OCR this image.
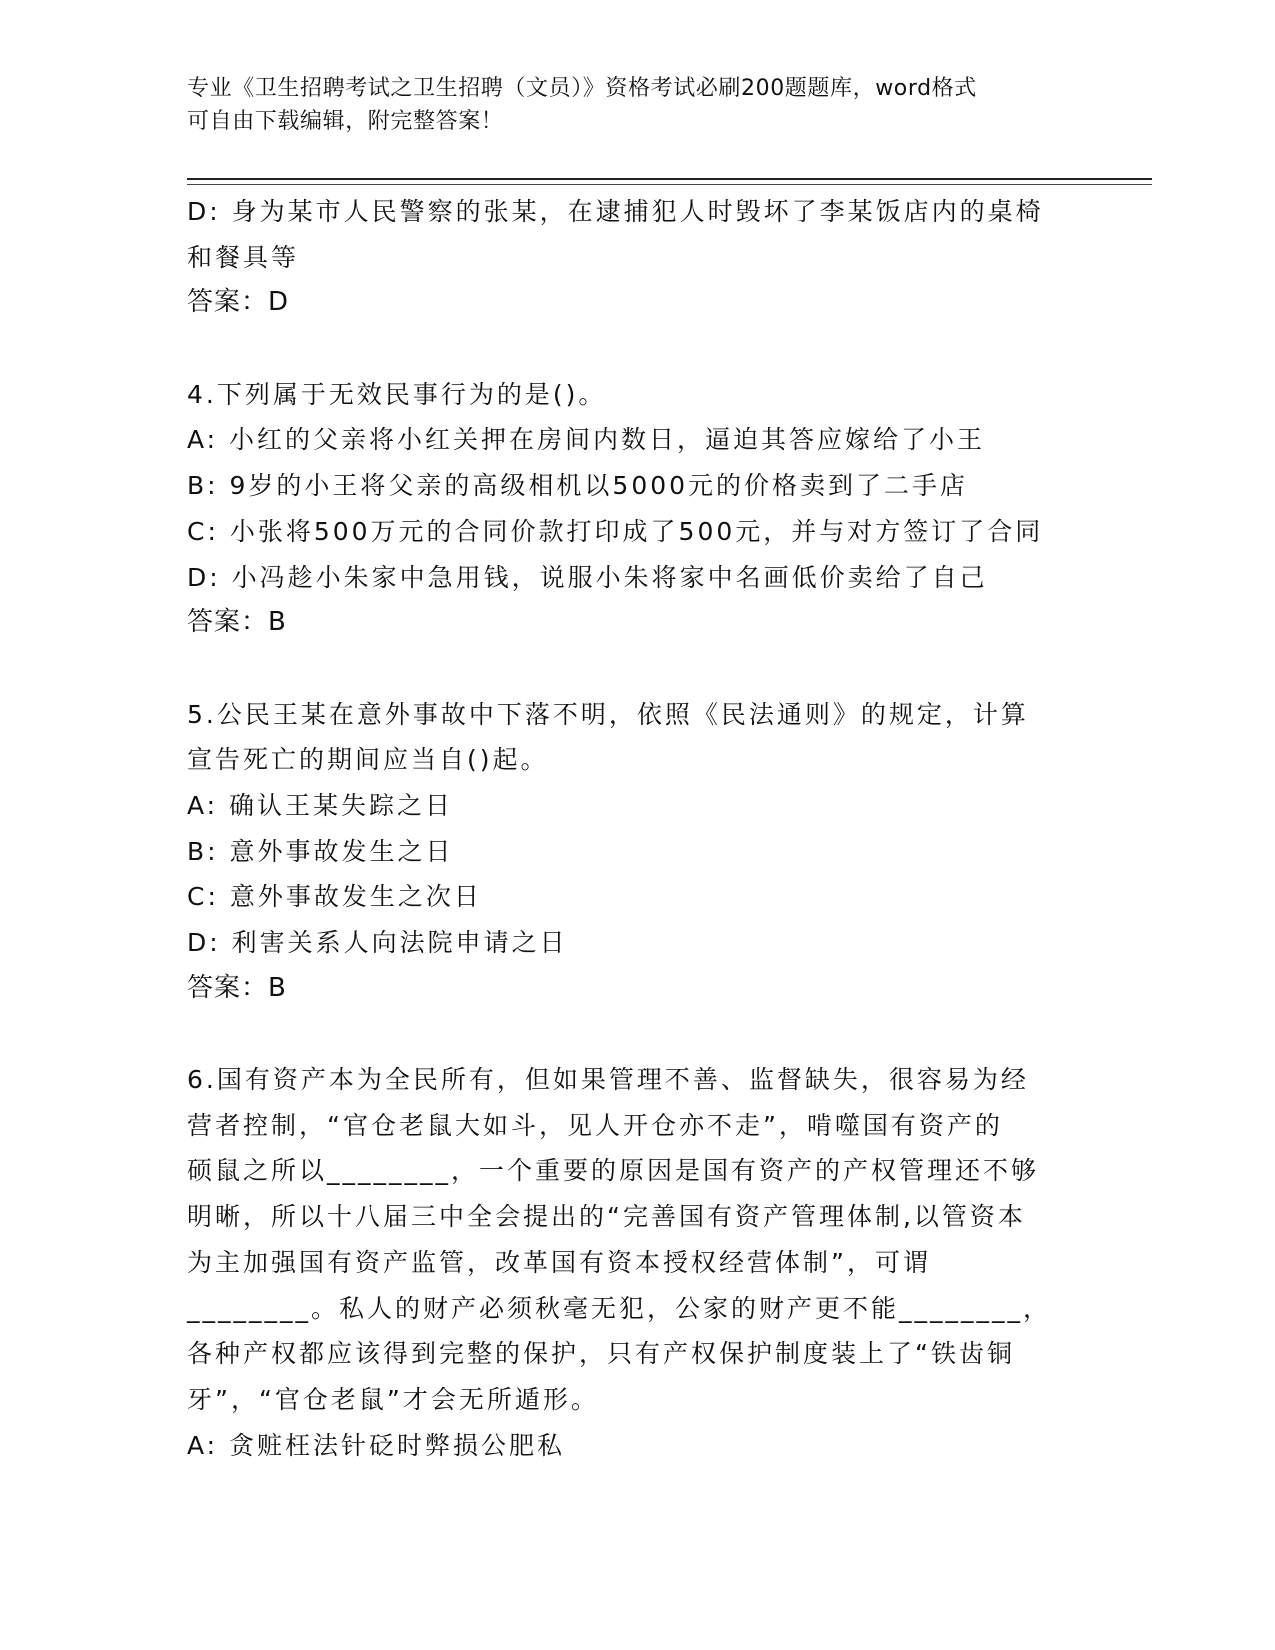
专业《卫生招聘考试之卫生招聘（文员）》资格考试必刷200题题库，word格式
可自由下载编辑，附完整答案！
D: 身为某市人民警察的张某，在逮捕犯人时毁坏了李某饭店内的桌椅
和餐具等
答案：D
4.下列属于无效民事行为的是()。
A: 小红的父亲将小红关押在房间内数日，逼迫其答应嫁给了小王
B: 9岁的小王将父亲的高级相机以5000元的价格卖到了二手店
C: 小张将500万元的合同价款打印成了500元，并与对方签订了合同
D: 小冯趁小朱家中急用钱，说服小朱将家中名画低价卖给了自己
答案：B
5.公民王某在意外事故中下落不明，依照《民法通则》的规定，计算
宣告死亡的期间应当自()起。
A: 确认王某失踪之日
B: 意外事故发生之日
C: 意外事故发生之次日
D: 利害关系人向法院申请之日
答案：B
6.国有资产本为全民所有，但如果管理不善、监督缺失，很容易为经
营者控制，“官仓老鼠大如斗，见人开仓亦不走”，啃噬国有资产的
硕鼠之所以________，一个重要的原因是国有资产的产权管理还不够
明晰，所以十八届三中全会提出的“完善国有资产管理体制,以管资本
为主加强国有资产监管，改革国有资本授权经营体制”，可谓
________。私人的财产必须秋毫无犯，公家的财产更不能________，
各种产权都应该得到完整的保护，只有产权保护制度装上了“铁齿铜
牙”，“官仓老鼠”才会无所遁形。
A: 贪赃枉法针砭时弊损公肥私
